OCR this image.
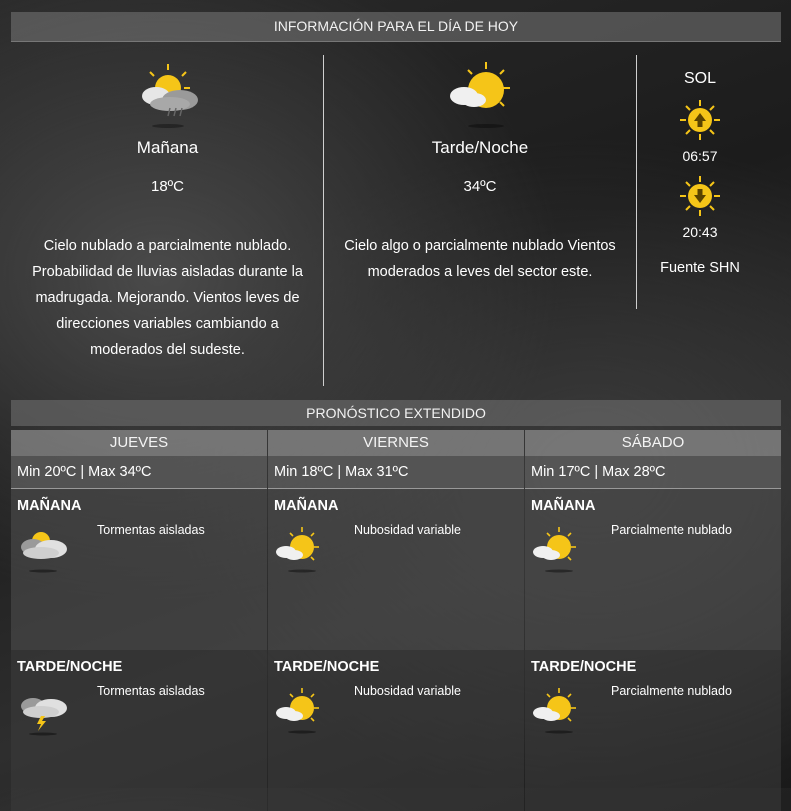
INFORMACIÓN PARA EL DÍA DE HOY
Mañana
18ºC
Cielo nublado a parcialmente nublado. Probabilidad de lluvias aisladas durante la madrugada. Mejorando. Vientos leves de direcciones variables cambiando a moderados del sudeste.
Tarde/Noche
34ºC
Cielo algo o parcialmente nublado Vientos moderados a leves del sector este.
SOL
06:57
20:43
Fuente SHN
PRONÓSTICO EXTENDIDO
JUEVES
Min 20ºC | Max 34ºC
MAÑANA
Tormentas aisladas
TARDE/NOCHE
Tormentas aisladas
VIERNES
Min 18ºC | Max 31ºC
MAÑANA
Nubosidad variable
TARDE/NOCHE
Nubosidad variable
SÁBADO
Min 17ºC | Max 28ºC
MAÑANA
Parcialmente nublado
TARDE/NOCHE
Parcialmente nublado
